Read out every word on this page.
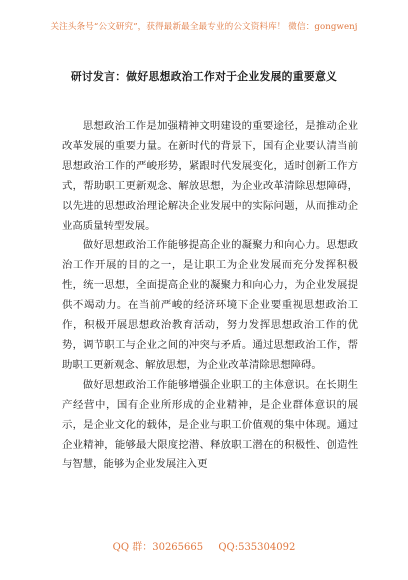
关注头条号“公文研究”，获得最新最全最专业的公文资料库！ 微信：gongwenj
研讨发言：做好思想政治工作对于企业发展的重要意义

思想政治工作是加强精神文明建设的重要途径，是推动企业改革发展的重要力量。在新时代的背景下，国有企业要认清当前思想政治工作的严峻形势，紧跟时代发展变化，适时创新工作方式，帮助职工更新观念、解放思想，为企业改革清除思想障碍，以先进的思想政治理论解决企业发展中的实际问题，从而推动企业高质量转型发展。

做好思想政治工作能够提高企业的凝聚力和向心力。思想政治工作开展的目的之一，是让职工为企业发展而充分发挥积极性，统一思想，全面提高企业的凝聚力和向心力，为企业发展提供不竭动力。在当前严峻的经济环境下企业要重视思想政治工作，积极开展思想政治教育活动，努力发挥思想政治工作的优势，调节职工与企业之间的冲突与矛盾。通过思想政治工作，帮助职工更新观念、解放思想，为企业改革清除思想障碍。

做好思想政治工作能够增强企业职工的主体意识。在长期生产经营中，国有企业所形成的企业精神，是企业群体意识的展示，是企业文化的载体，是企业与职工价值观的集中体现。通过企业精神，能够最大限度挖潜、释放职工潜在的积极性、创造性与智慧，能够为企业发展注入更

QQ 群：30265665 QQ:535304092
